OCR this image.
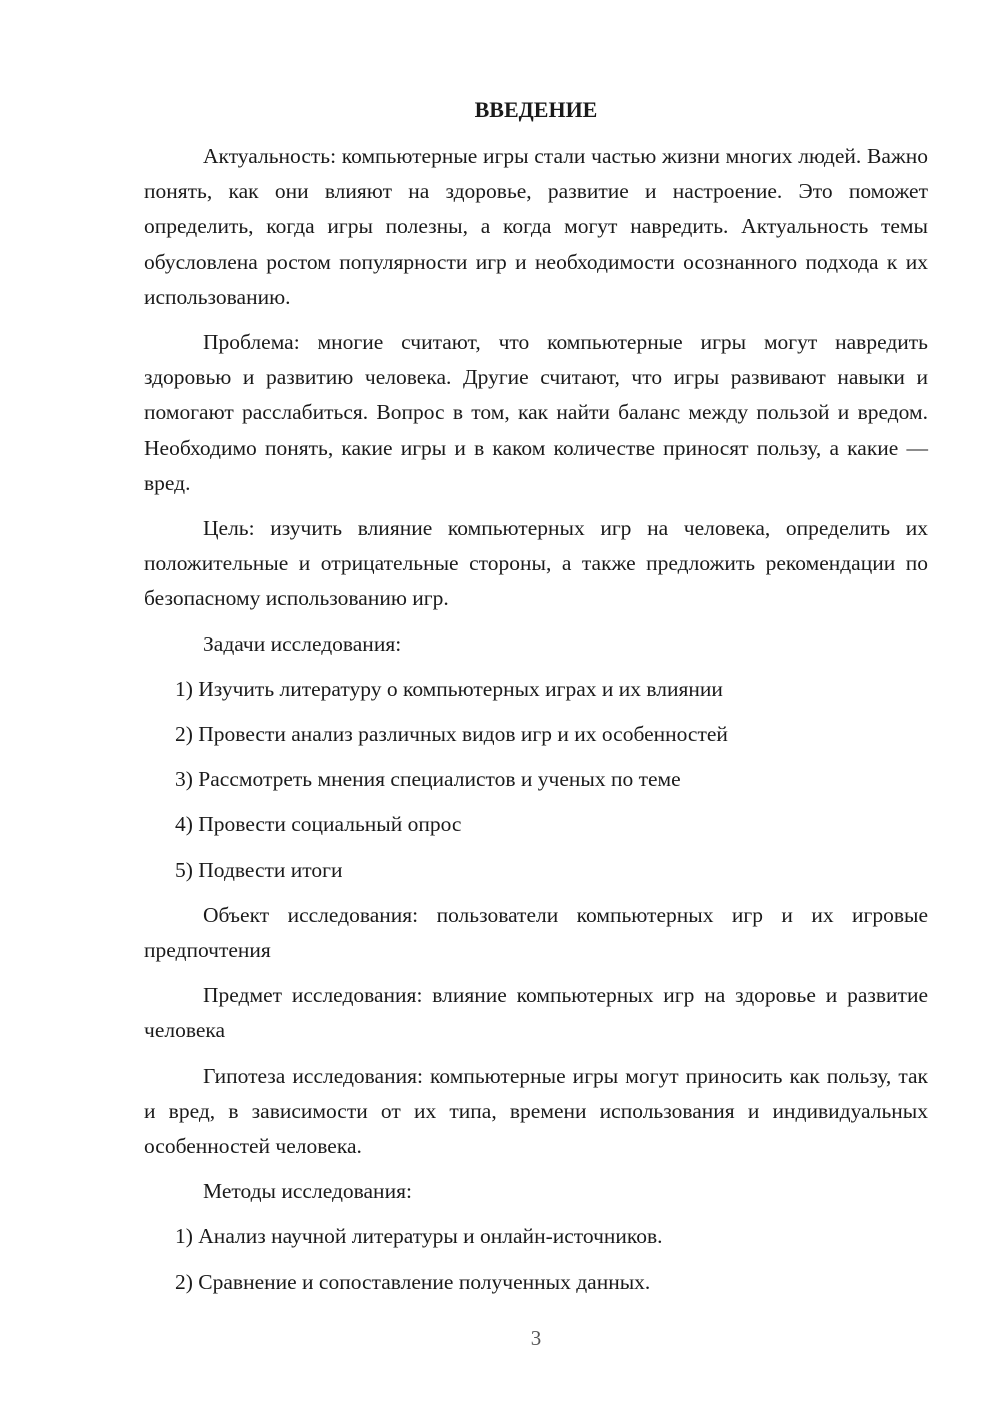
ВВЕДЕНИЕ

Актуальность: компьютерные игры стали частью жизни многих людей. Важно понять, как они влияют на здоровье, развитие и настроение. Это поможет определить, когда игры полезны, а когда могут навредить. Актуальность темы обусловлена ростом популярности игр и необходимости осознанного подхода к их использованию.

Проблема: многие считают, что компьютерные игры могут навредить здоровью и развитию человека. Другие считают, что игры развивают навыки и помогают расслабиться. Вопрос в том, как найти баланс между пользой и вредом. Необходимо понять, какие игры и в каком количестве приносят пользу, а какие — вред.

Цель: изучить влияние компьютерных игр на человека, определить их положительные и отрицательные стороны, а также предложить рекомендации по безопасному использованию игр.

Задачи исследования:

1) Изучить литературу о компьютерных играх и их влиянии

2) Провести анализ различных видов игр и их особенностей

3) Рассмотреть мнения специалистов и ученых по теме

4) Провести социальный опрос

5) Подвести итоги

Объект исследования: пользователи компьютерных игр и их игровые предпочтения

Предмет исследования: влияние компьютерных игр на здоровье и развитие человека

Гипотеза исследования: компьютерные игры могут приносить как пользу, так и вред, в зависимости от их типа, времени использования и индивидуальных особенностей человека.

Методы исследования:

1) Анализ научной литературы и онлайн-источников.

2) Сравнение и сопоставление полученных данных.

3
